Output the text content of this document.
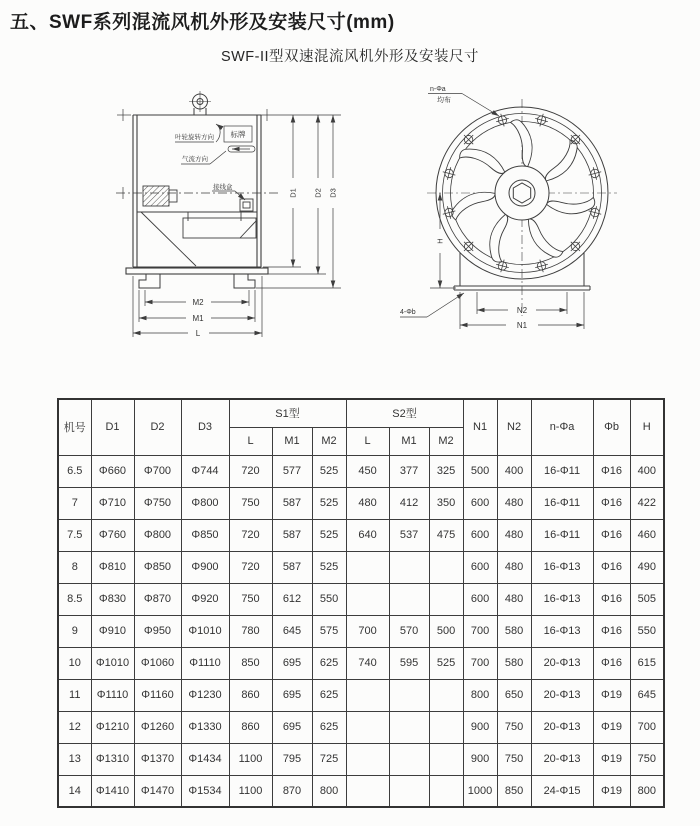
五、SWF系列混流风机外形及安装尺寸(mm)
SWF-II型双速混流风机外形及安装尺寸
叶轮旋转方向 标牌
气流方向
接线盒
M2
M1
L
D1 D2 D3
H
N2
N1
n-Φa
均布
4-Φb
机号	D1	D2	D3	S1型			S2型			N1	N2	n-Φa	Φb	H
				L	M1	M2	L	M1	M2					
6.5	Φ660	Φ700	Φ744	720	577	525	450	377	325	500	400	16-Φ11	Φ16	400
7	Φ710	Φ750	Φ800	750	587	525	480	412	350	600	480	16-Φ11	Φ16	422
7.5	Φ760	Φ800	Φ850	720	587	525	640	537	475	600	480	16-Φ11	Φ16	460
8	Φ810	Φ850	Φ900	720	587	525				600	480	16-Φ13	Φ16	490
8.5	Φ830	Φ870	Φ920	750	612	550				600	480	16-Φ13	Φ16	505
9	Φ910	Φ950	Φ1010	780	645	575	700	570	500	700	580	16-Φ13	Φ16	550
10	Φ1010	Φ1060	Φ1110	850	695	625	740	595	525	700	580	20-Φ13	Φ16	615
11	Φ1110	Φ1160	Φ1230	860	695	625				800	650	20-Φ13	Φ19	645
12	Φ1210	Φ1260	Φ1330	860	695	625				900	750	20-Φ13	Φ19	700
13	Φ1310	Φ1370	Φ1434	1100	795	725				900	750	20-Φ13	Φ19	750
14	Φ1410	Φ1470	Φ1534	1100	870	800				1000	850	24-Φ15	Φ19	800
